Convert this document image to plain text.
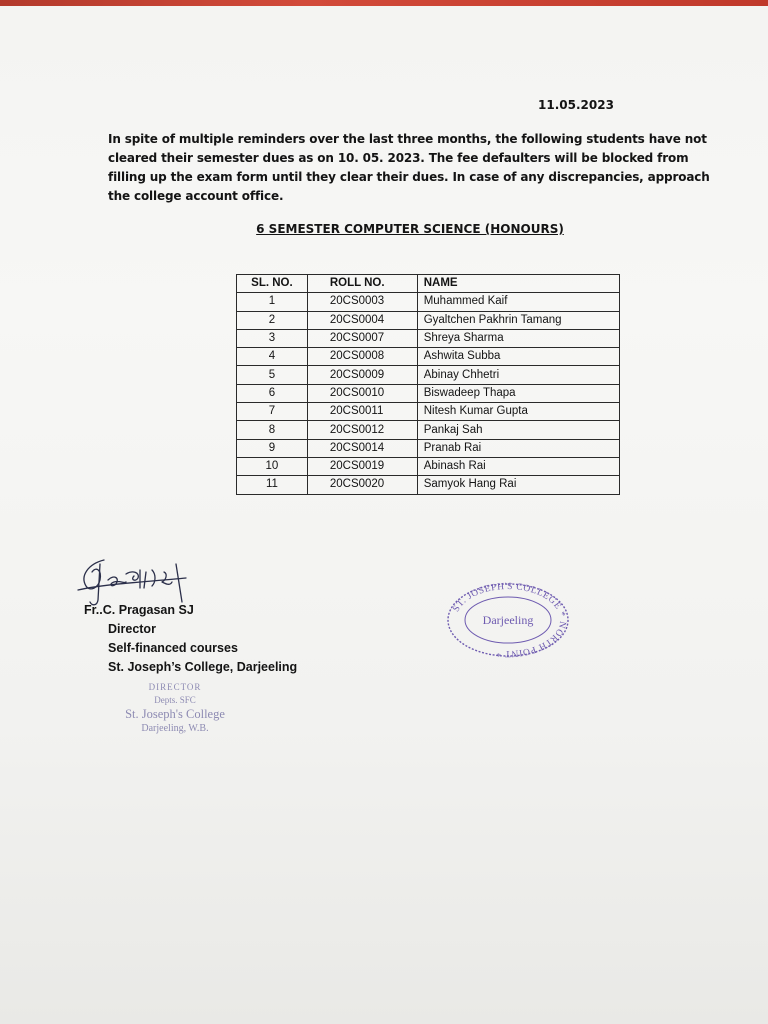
11.05.2023
In spite of multiple reminders over the last three months, the following students have not cleared their semester dues as on 10. 05. 2023. The fee defaulters will be blocked from filling up the exam form until they clear their dues. In case of any discrepancies, approach the college account office.
6 SEMESTER COMPUTER SCIENCE (HONOURS)
SL. NO.	ROLL NO.	NAME
1	20CS0003	Muhammed Kaif
2	20CS0004	Gyaltchen Pakhrin Tamang
3	20CS0007	Shreya Sharma
4	20CS0008	Ashwita Subba
5	20CS0009	Abinay Chhetri
6	20CS0010	Biswadeep Thapa
7	20CS0011	Nitesh Kumar Gupta
8	20CS0012	Pankaj Sah
9	20CS0014	Pranab Rai
10	20CS0019	Abinash Rai
11	20CS0020	Samyok Hang Rai
Fr..C. Pragasan SJ
Director
Self-financed courses
St. Joseph’s College, Darjeeling
DIRECTOR
Depts. SFC
St. Joseph's College
Darjeeling, W.B.
ST. JOSEPH'S COLLEGE * NORTH POINT *
Darjeeling
